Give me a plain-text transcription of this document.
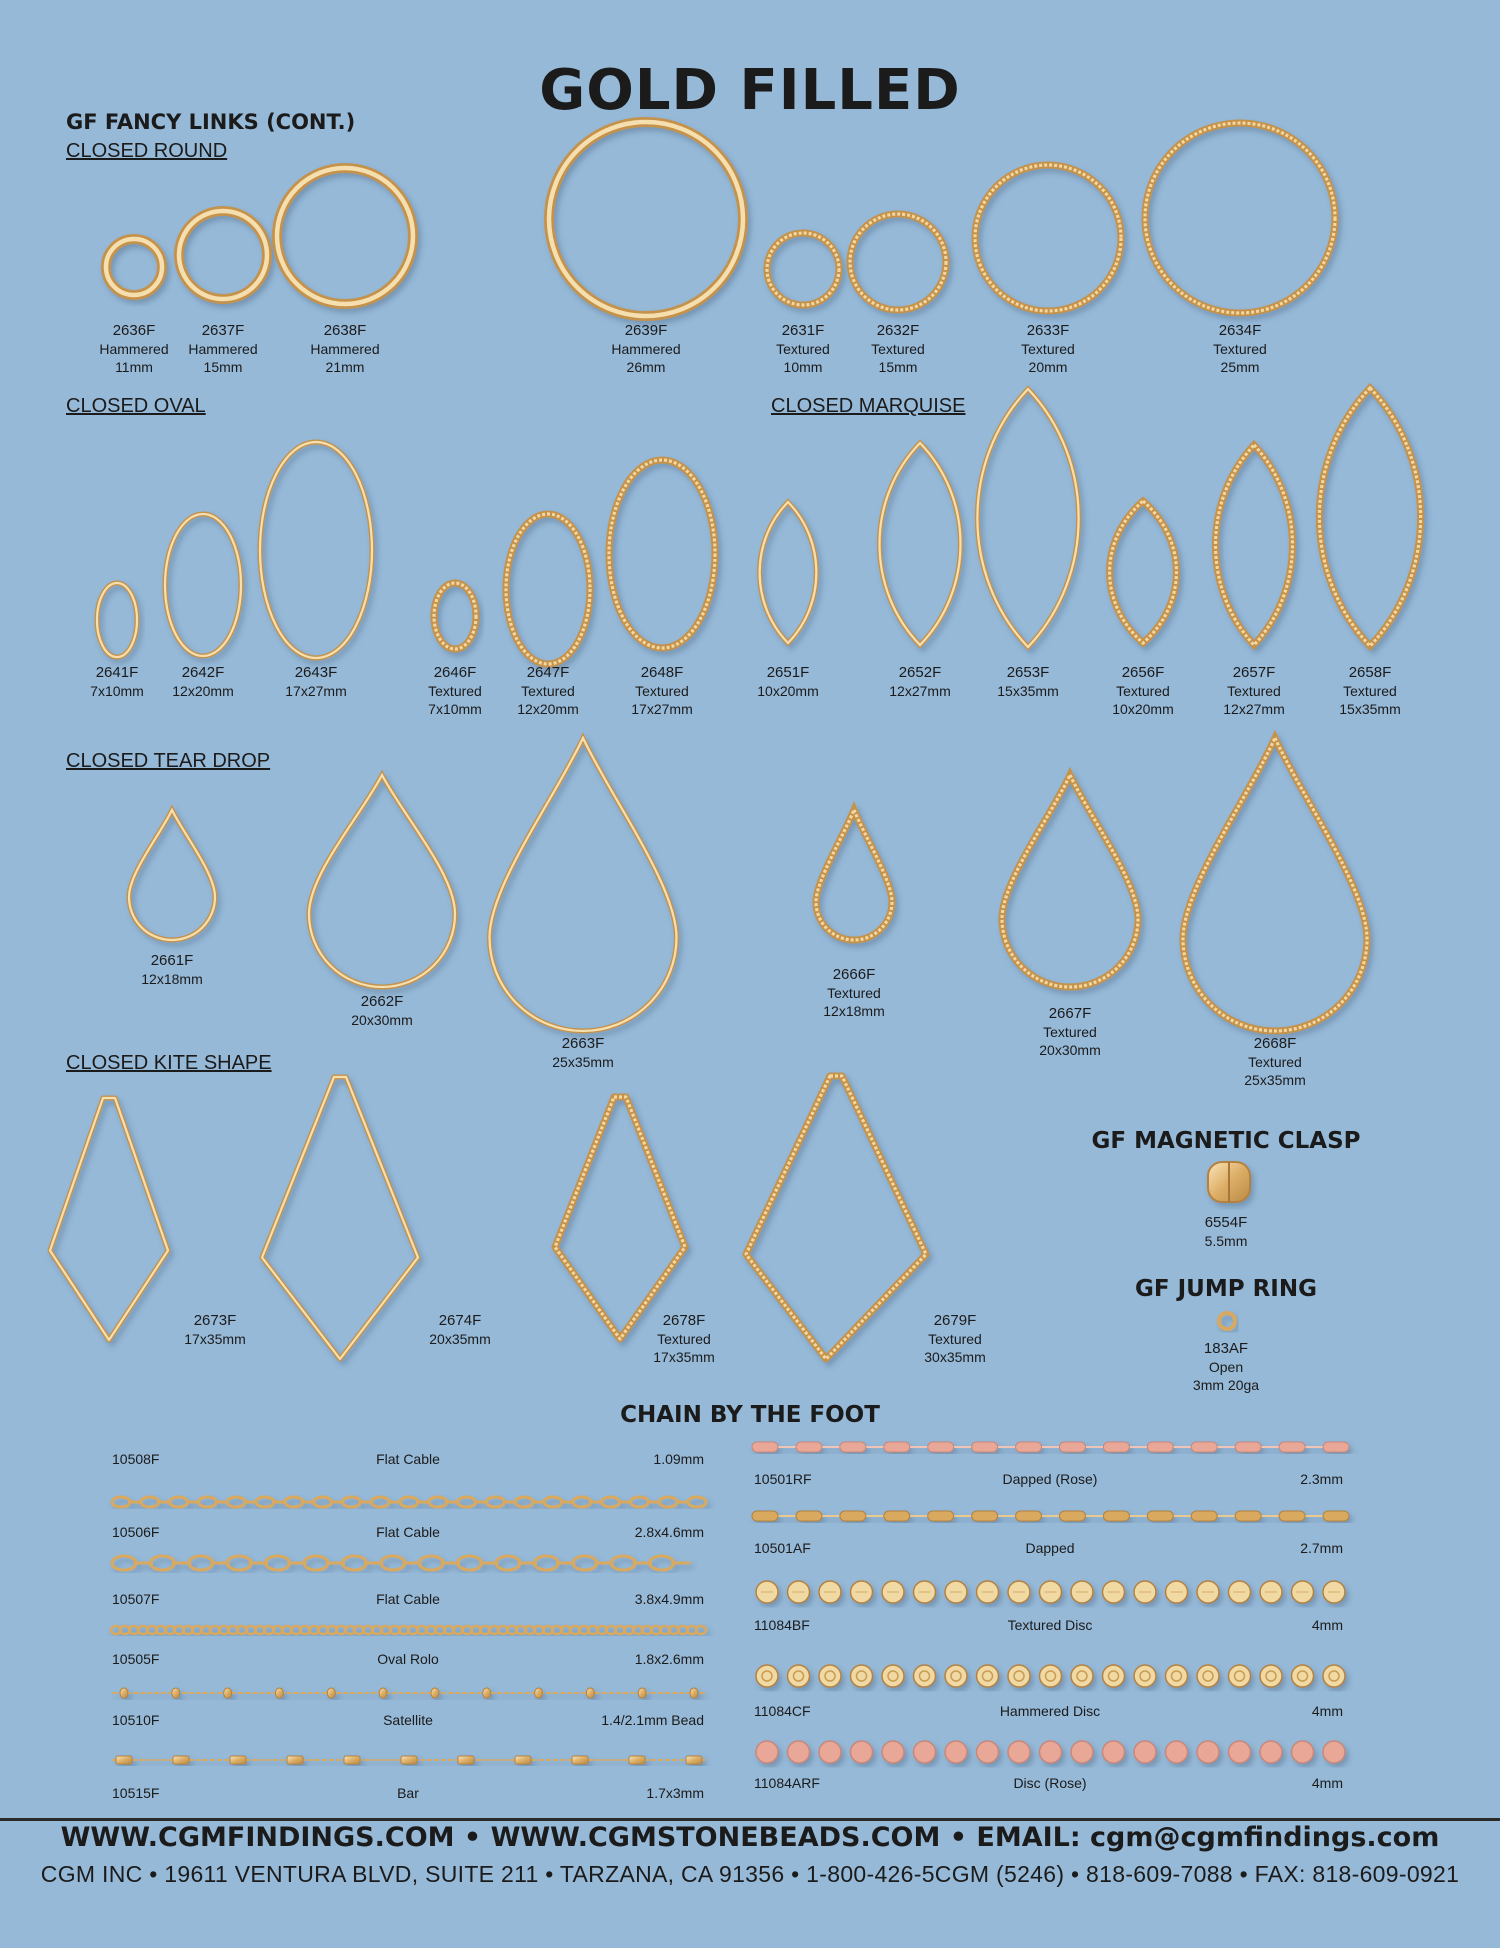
GOLD FILLED
GF FANCY LINKS (CONT.)
CLOSED ROUND
CLOSED OVAL	CLOSED MARQUISE
CLOSED TEAR DROP
CLOSED KITE SHAPE
2636F
Hammered
11mm
2637F
Hammered
15mm
2638F
Hammered
21mm
2639F
Hammered
26mm
2631F
Textured
10mm
2632F
Textured
15mm
2633F
Textured
20mm
2634F
Textured
25mm
2641F
7x10mm
2642F
12x20mm
2643F
17x27mm
2646F
Textured
7x10mm
2647F
Textured
12x20mm
2648F
Textured
17x27mm
2651F
10x20mm
2652F
12x27mm
2653F
15x35mm
2656F
Textured
10x20mm
2657F
Textured
12x27mm
2658F
Textured
15x35mm
2661F
12x18mm
2662F
20x30mm
2663F
25x35mm
2666F
Textured
12x18mm	2667F
Textured
20x30mm	2668F
Textured
25x35mm
2673F
17x35mm
2674F
20x35mm
2678F
Textured
17x35mm
2679F
Textured
30x35mm
GF MAGNETIC CLASP
6554F
5.5mm
GF JUMP RING
183AF
Open
3mm 20ga
CHAIN BY THE FOOT
10508F	Flat Cable	1.09mm
10506F	Flat Cable	2.8x4.6mm
10507F	Flat Cable	3.8x4.9mm
10505F	Oval Rolo	1.8x2.6mm
10510F	Satellite	1.4/2.1mm Bead
10515F	Bar	1.7x3mm
10501RF	Dapped (Rose)	2.3mm
10501AF	Dapped	2.7mm
11084BF	Textured Disc	4mm
11084CF	Hammered Disc	4mm
11084ARF	Disc (Rose)	4mm
WWW.CGMFINDINGS.COM • WWW.CGMSTONEBEADS.COM • EMAIL: cgm@cgmfindings.com
CGM INC • 19611 VENTURA BLVD, SUITE 211 • TARZANA, CA 91356 • 1-800-426-5CGM (5246) • 818-609-7088 • FAX: 818-609-0921
